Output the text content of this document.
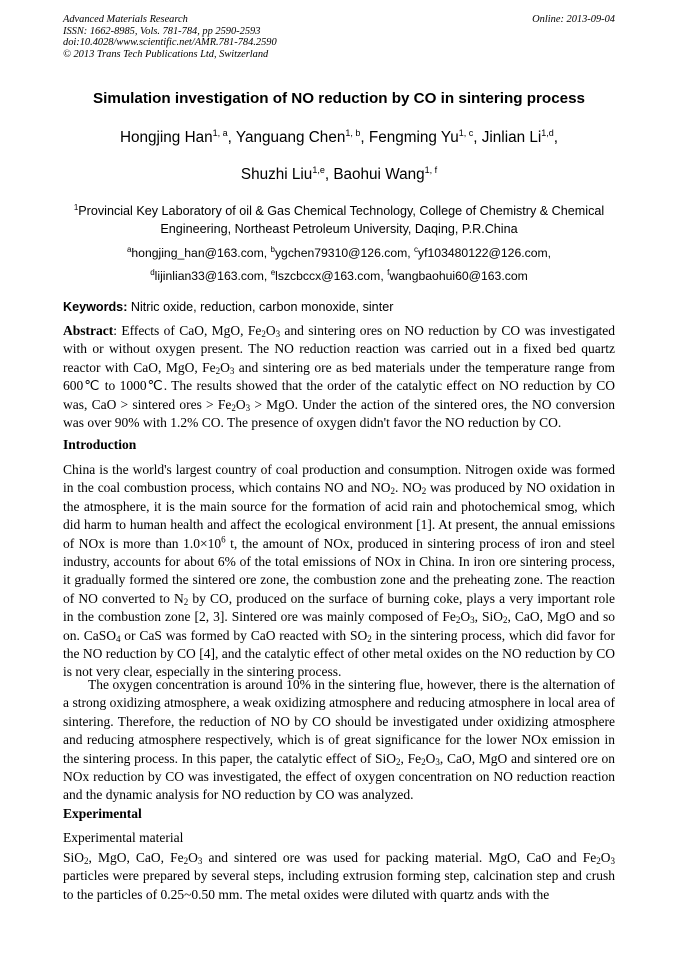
Advanced Materials Research
ISSN: 1662-8985, Vols. 781-784, pp 2590-2593
doi:10.4028/www.scientific.net/AMR.781-784.2590
© 2013 Trans Tech Publications Ltd, Switzerland
Online: 2013-09-04
Simulation investigation of NO reduction by CO in sintering process
Hongjing Han$^{1, a}$, Yanguang Chen$^{1, b}$, Fengming Yu$^{1, c}$, Jinlian Li$^{1,d}$,
Shuzhi Liu$^{1,e}$, Baohui Wang$^{1, f}$
$^1$Provincial Key Laboratory of oil & Gas Chemical Technology, College of Chemistry & Chemical
Engineering, Northeast Petroleum University, Daqing, P.R.China
$^a$hongjing_han@163.com, $^b$ygchen79310@126.com, $^c$yf103480122@126.com,
$^d$lijinlian33@163.com, $^e$lszcbccx@163.com, $^f$wangbaohui60@163.com
Keywords: Nitric oxide, reduction, carbon monoxide, sinter
Abstract: Effects of CaO, MgO, $Fe_2O_3$ and sintering ores on NO reduction by CO was investigated with or without oxygen present. The NO reduction reaction was carried out in a fixed bed quartz reactor with CaO, MgO, $Fe_2O_3$ and sintering ore as bed materials under the temperature range from 600℃ to 1000℃. The results showed that the order of the catalytic effect on NO reduction by CO was, CaO > sintered ores > $Fe_2O_3$ > MgO. Under the action of the sintered ores, the NO conversion was over 90% with 1.2% CO. The presence of oxygen didn't favor the NO reduction by CO.
Introduction
China is the world's largest country of coal production and consumption. Nitrogen oxide was formed in the coal combustion process, which contains NO and $NO_2$. $NO_2$ was produced by NO oxidation in the atmosphere, it is the main source for the formation of acid rain and photochemical smog, which did harm to human health and affect the ecological environment [1]. At present, the annual emissions of NOx is more than $1.0\times 10^6$ t, the amount of NOx, produced in sintering process of iron and steel industry, accounts for about 6% of the total emissions of NOx in China. In iron ore sintering process, it gradually formed the sintered ore zone, the combustion zone and the preheating zone. The reaction of NO converted to $N_2$ by CO, produced on the surface of burning coke, plays a very important role in the combustion zone [2, 3]. Sintered ore was mainly composed of $Fe_2O_3$, SiO$_2$, CaO, MgO and so on. CaSO$_4$ or CaS was formed by CaO reacted with $SO_2$ in the sintering process, which did favor for the NO reduction by CO [4], and the catalytic effect of other metal oxides on the NO reduction by CO is not very clear, especially in the sintering process.
The oxygen concentration is around 10% in the sintering flue, however, there is the alternation of a strong oxidizing atmosphere, a weak oxidizing atmosphere and reducing atmosphere in local area of sintering. Therefore, the reduction of NO by CO should be investigated under oxidizing atmosphere and reducing atmosphere respectively, which is of great significance for the lower NOx emission in the sintering process. In this paper, the catalytic effect of SiO$_2$, $Fe_2O_3$, CaO, MgO and sintered ore on NOx reduction by CO was investigated, the effect of oxygen concentration on NO reduction reaction and the dynamic analysis for NO reduction by CO was analyzed.
Experimental
Experimental material
SiO$_2$, MgO, CaO, $Fe_2O_3$ and sintered ore was used for packing material. MgO, CaO and $Fe_2O_3$ particles were prepared by several steps, including extrusion forming step, calcination step and crush to the particles of 0.25~0.50 mm. The metal oxides were diluted with quartz ands with the
